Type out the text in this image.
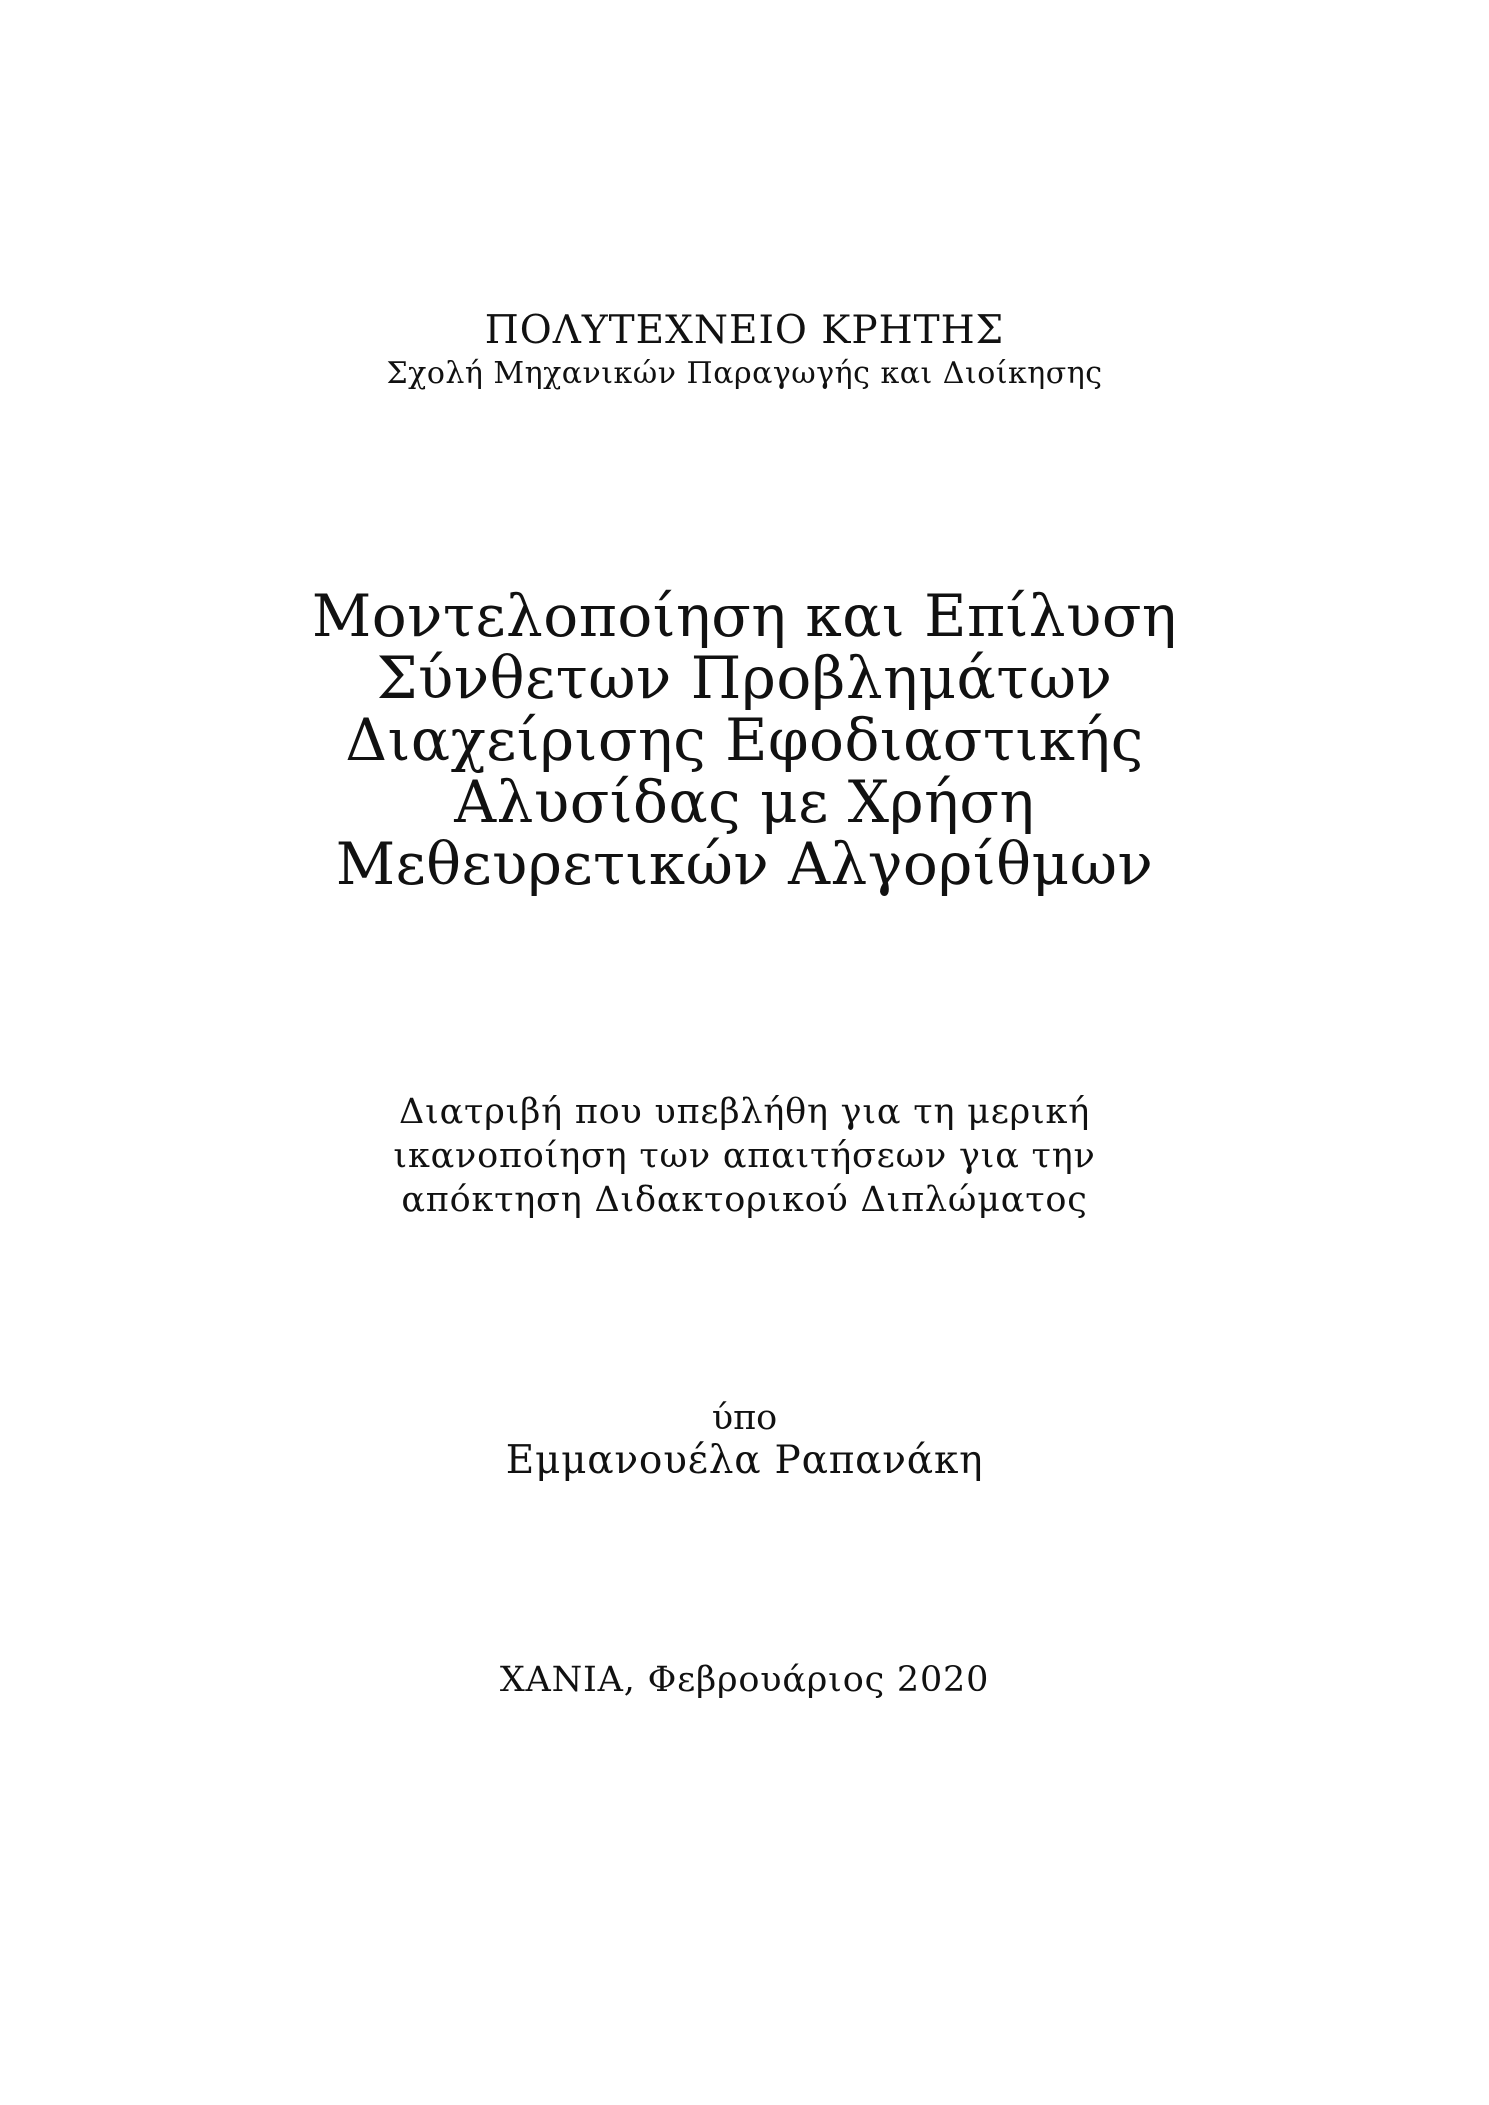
ΠΟΛΥΤΕΧΝΕΙΟ ΚΡΗΤΗΣ
Σχολή Μηχανικών Παραγωγής και Διοίκησης
Μοντελοποίηση και Επίλυση
Σύνθετων Προβλημάτων
Διαχείρισης Εφοδιαστικής
Αλυσίδας με Χρήση
Μεθευρετικών Αλγορίθμων
Διατριβή που υπεβλήθη για τη μερική
ικανοποίηση των απαιτήσεων για την
απόκτηση Διδακτορικού Διπλώματος
ύπο
Εμμανουέλα Ραπανάκη
ΧΑΝΙΑ, Φεβρουάριος 2020
